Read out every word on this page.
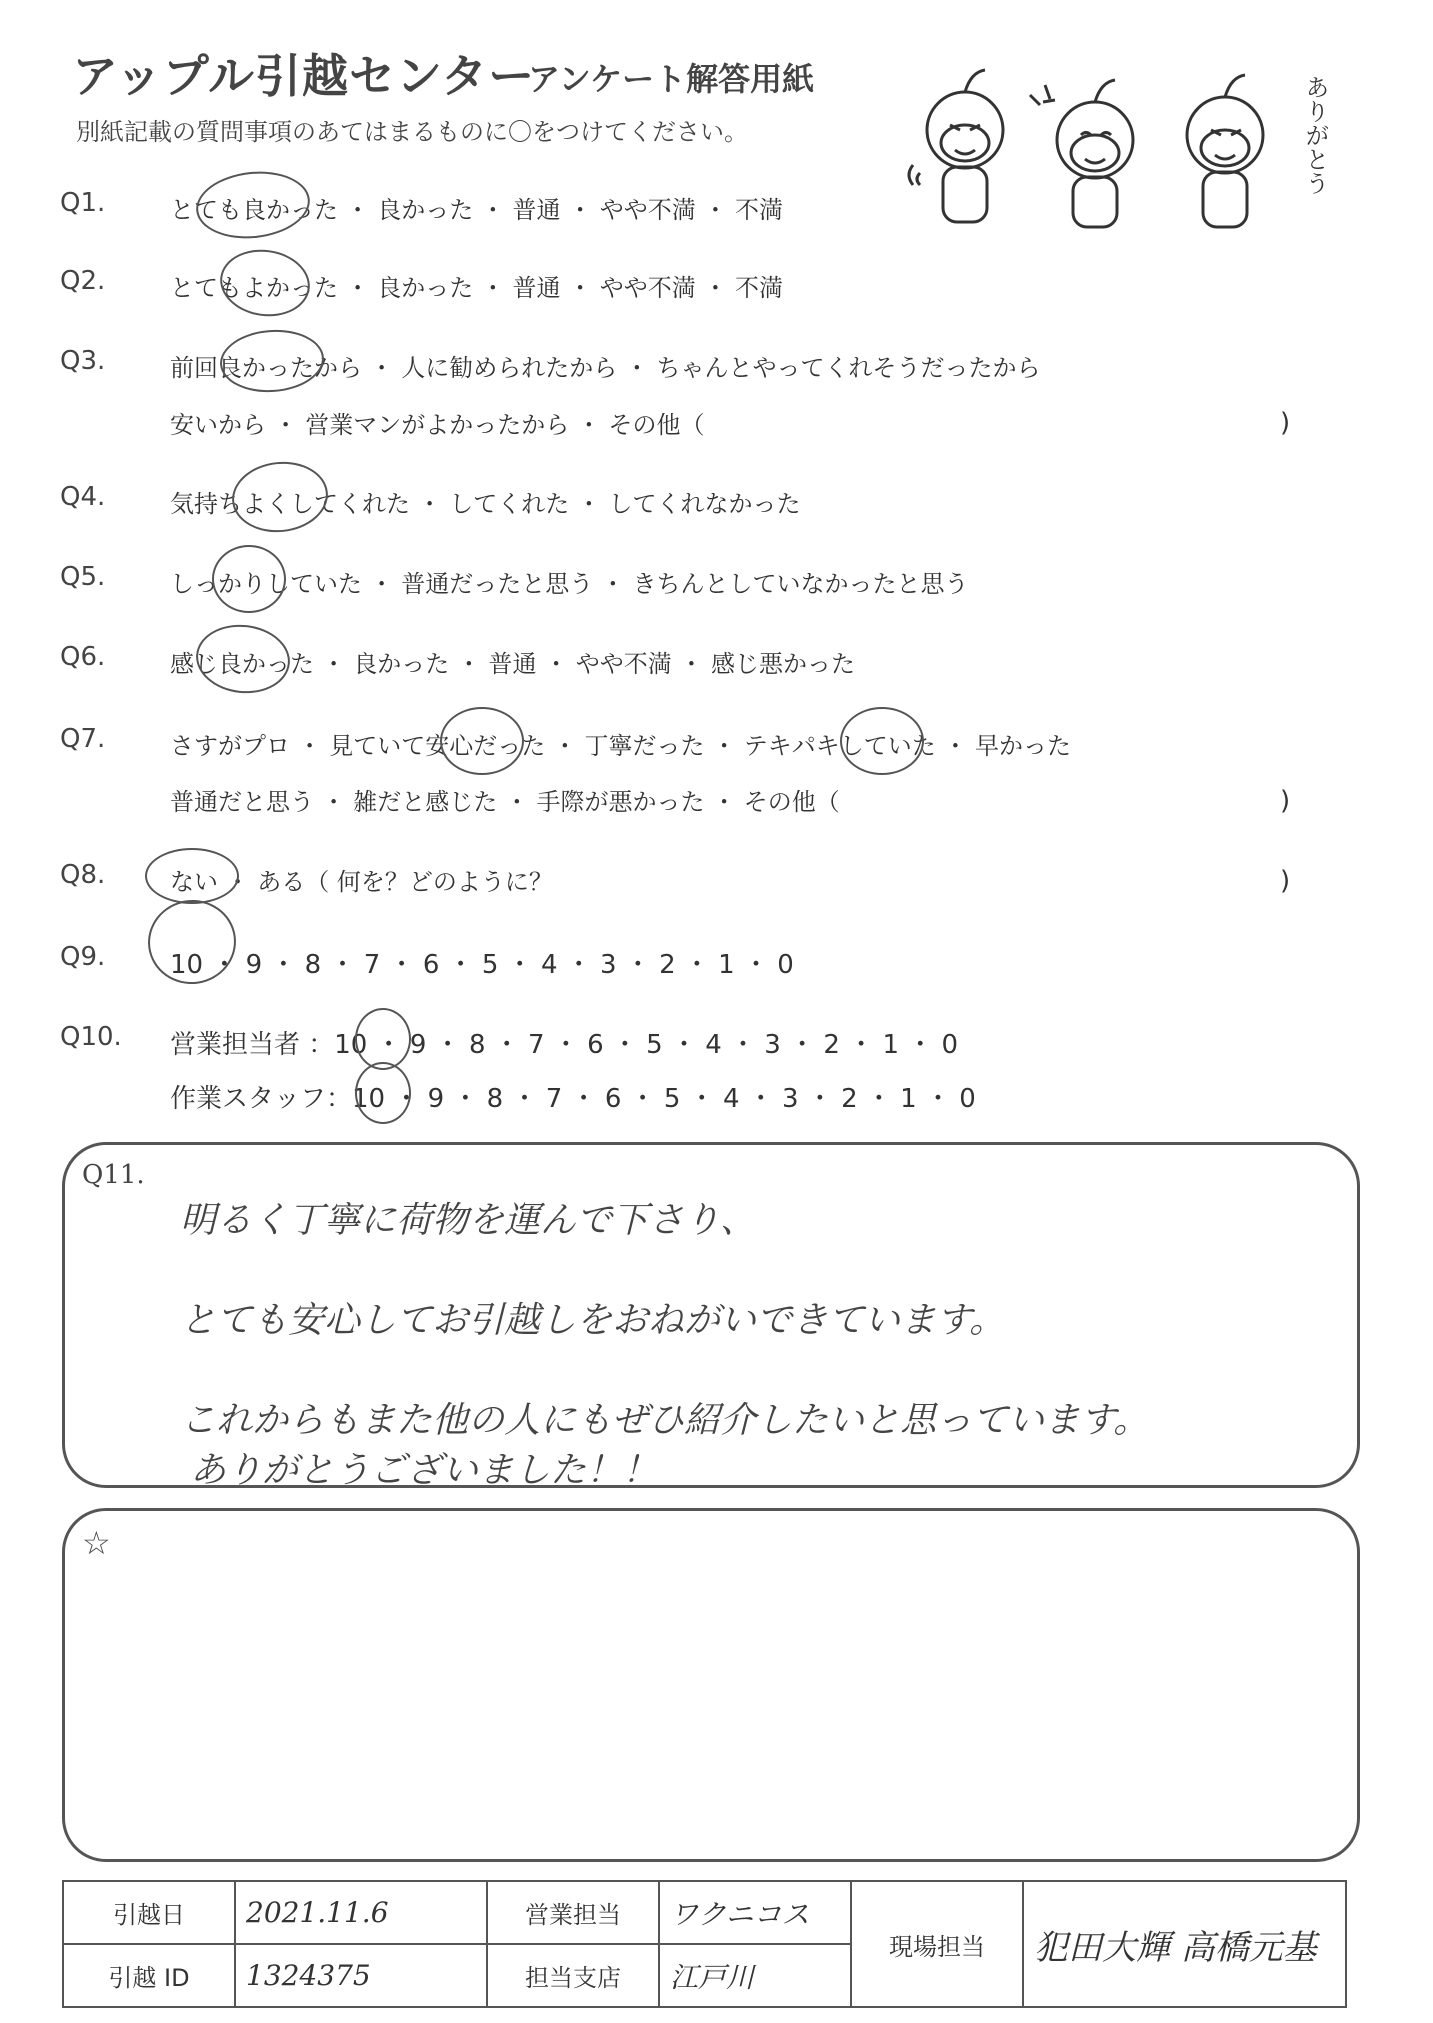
アップル引越センター
アンケート解答用紙
別紙記載の質問事項のあてはまるものに〇をつけてください。	ありがとう
Q1.	とても良かった ・ 良かった ・ 普通 ・ やや不満 ・ 不満
Q2.	とてもよかった ・ 良かった ・ 普通 ・ やや不満 ・ 不満
Q3.	前回良かったから ・ 人に勧められたから ・ ちゃんとやってくれそうだったから
安いから ・ 営業マンがよかったから ・ その他（	)
Q4.	気持ちよくしてくれた ・ してくれた ・ してくれなかった
Q5.	しっかりしていた ・ 普通だったと思う ・ きちんとしていなかったと思う
Q6.	感じ良かった ・ 良かった ・ 普通 ・ やや不満 ・ 感じ悪かった
Q7.	さすがプロ ・ 見ていて安心だった ・ 丁寧だった ・ テキパキしていた ・ 早かった
普通だと思う ・ 雑だと感じた ・ 手際が悪かった ・ その他（	)
Q8.	ない ・ ある（ 何を？どのように？	)
Q9. 10 ・ 9 ・ 8 ・ 7 ・ 6 ・ 5 ・ 4 ・ 3 ・ 2 ・ 1 ・ 0
Q10. 営業担当者 ：10 ・ 9 ・ 8 ・ 7 ・ 6 ・ 5 ・ 4 ・ 3 ・ 2 ・ 1 ・ 0
作業スタッフ：10 ・ 9 ・ 8 ・ 7 ・ 6 ・ 5 ・ 4 ・ 3 ・ 2 ・ 1 ・ 0
Q11.
明るく丁寧に荷物を運んで下さり、
とても安心してお引越しをおねがいできています。
これからもまた他の人にもぜひ紹介したいと思っています。
ありがとうございました！！
☆
引越日	2021.11.6	営業担当	ワクニコス	現場担当	犯田大輝 高橋元基
引越 ID	1324375	担当支店	江戸川		
